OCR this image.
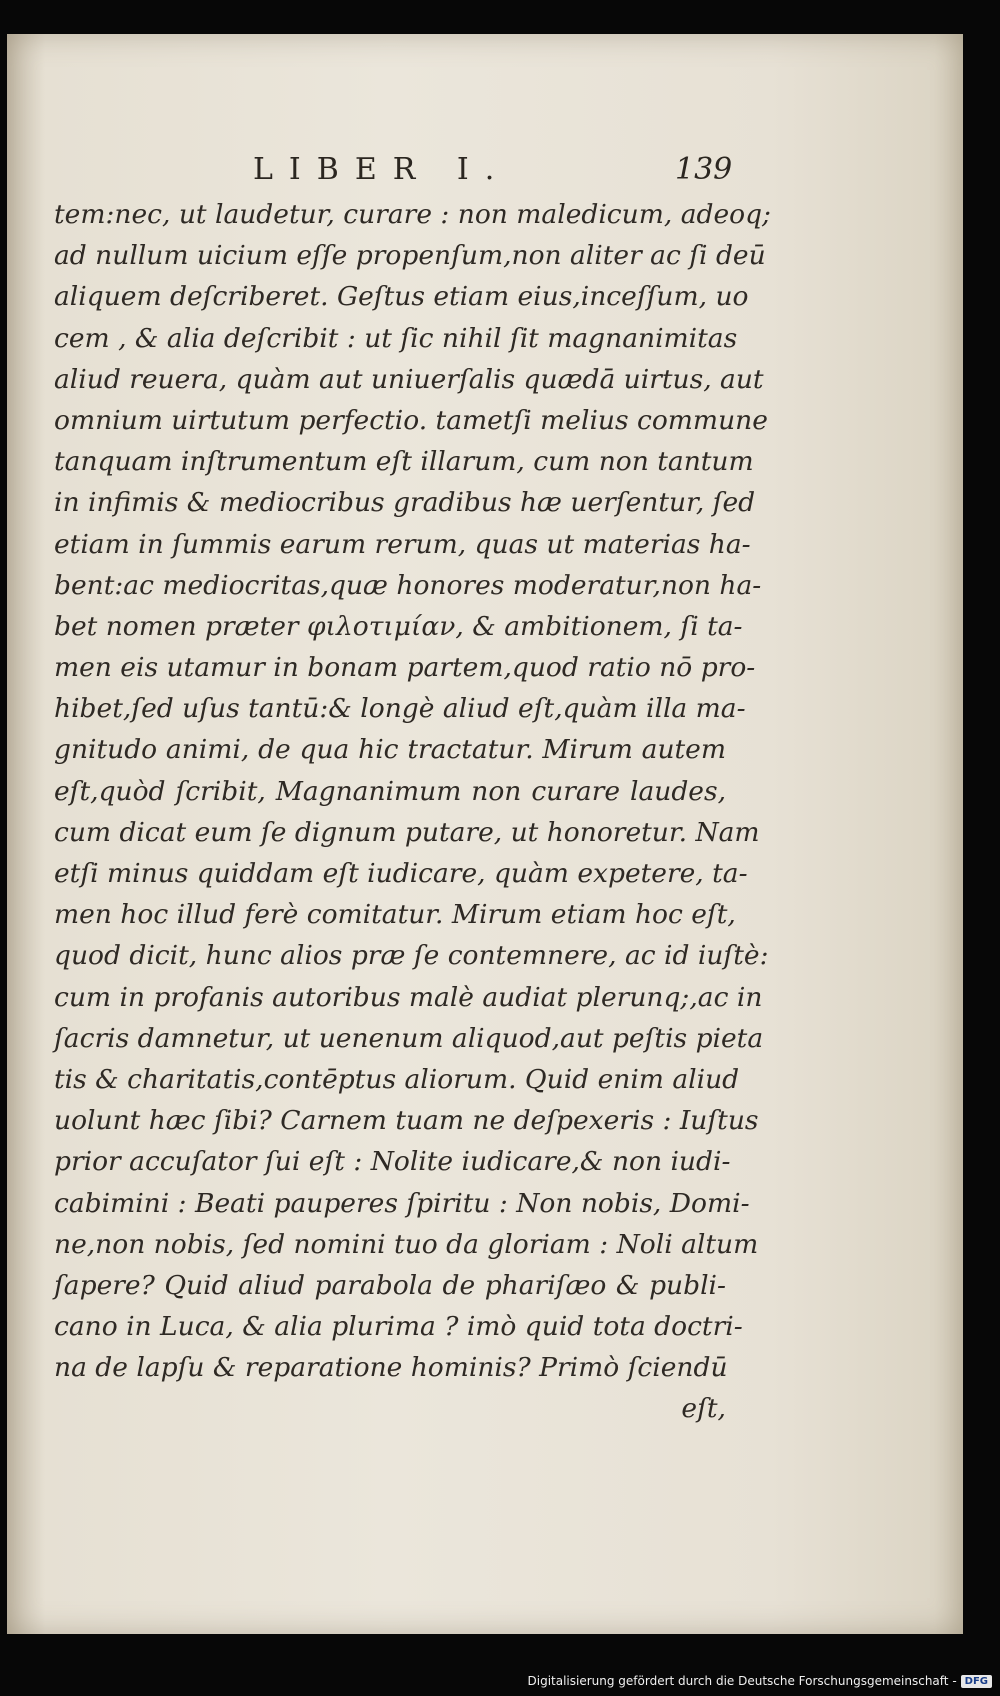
LIBER I.	139
tem:nec, ut laudetur, curare : non maledicum, adeoq;
ad nullum uicium eſſe propenſum,non aliter ac ſi deū
aliquem deſcriberet. Geſtus etiam eius,inceſſum, uo
cem , & alia deſcribit : ut ſic nihil ſit magnanimitas
aliud reuera, quàm aut uniuerſalis quædā uirtus, aut
omnium uirtutum perfectio. tametſi melius commune
tanquam inſtrumentum eſt illarum, cum non tantum
in infimis & mediocribus gradibus hæ uerſentur, ſed
etiam in ſummis earum rerum, quas ut materias ha-
bent:ac mediocritas,quæ honores moderatur,non ha-
bet nomen præter φιλοτιμίαν, & ambitionem, ſi ta-
men eis utamur in bonam partem,quod ratio nō pro-
hibet,ſed uſus tantū:& longè aliud eſt,quàm illa ma-
gnitudo animi, de qua hic tractatur. Mirum autem
eſt,quòd ſcribit, Magnanimum non curare laudes,
cum dicat eum ſe dignum putare, ut honoretur. Nam
etſi minus quiddam eſt iudicare, quàm expetere, ta-
men hoc illud ferè comitatur. Mirum etiam hoc eſt,
quod dicit, hunc alios præ ſe contemnere, ac id iuſtè:
cum in profanis autoribus malè audiat plerunq;,ac in
ſacris damnetur, ut uenenum aliquod,aut peſtis pieta
tis & charitatis,contēptus aliorum. Quid enim aliud
uolunt hæc ſibi? Carnem tuam ne deſpexeris : Iuſtus
prior accuſator ſui eſt : Nolite iudicare,& non iudi-
cabimini : Beati pauperes ſpiritu : Non nobis, Domi-
ne,non nobis, ſed nomini tuo da gloriam : Noli altum
ſapere? Quid aliud parabola de phariſæo & publi-
cano in Luca, & alia plurima ? imò quid tota doctri-
na de lapſu & reparatione hominis? Primò ſciendū
eſt,
Digitalisierung gefördert durch die Deutsche Forschungsgemeinschaft - DFG
